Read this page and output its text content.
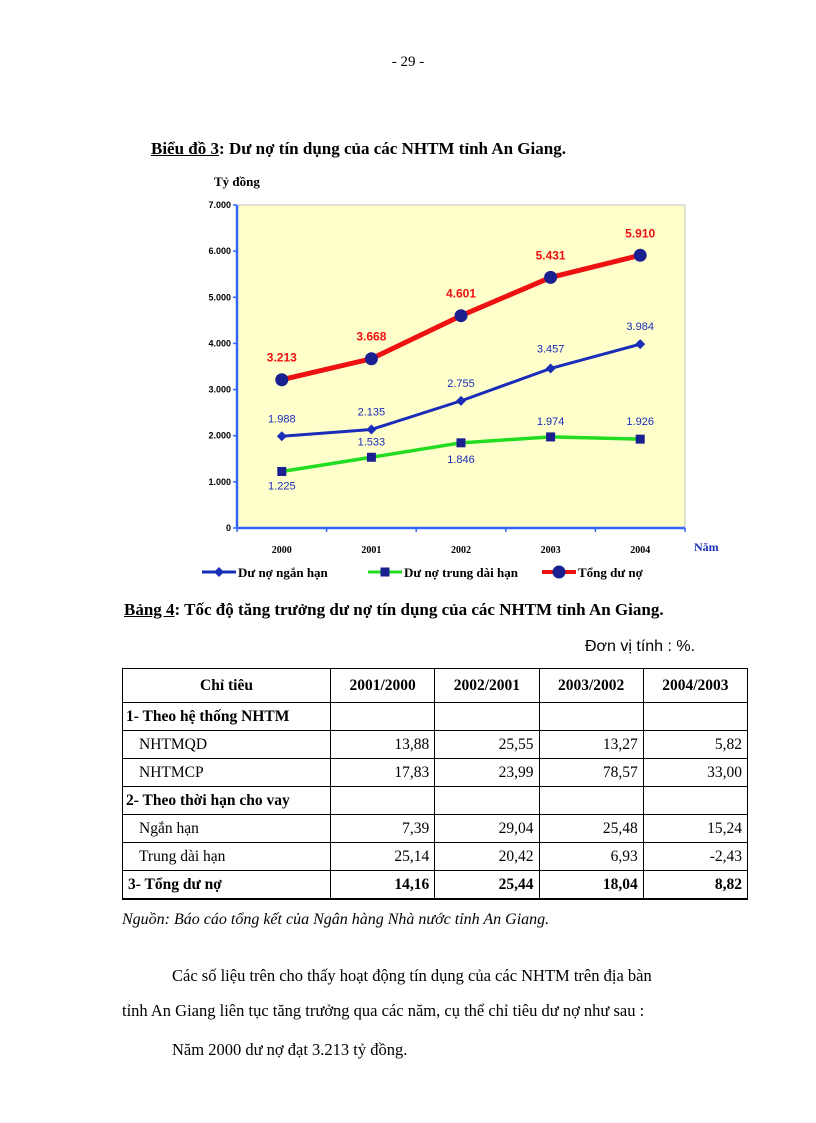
- 29 -
Biểu đồ 3: Dư nợ tín dụng của các NHTM tỉnh An Giang.
0
1.000
2.000
3.000
4.000
5.000
6.000
7.000
2000	2001	2002	2003	2004
Tỷ đồng
Năm
1.988
2.135
2.755
3.457
3.984
1.225
1.533
1.846
1.974	1.926
3.213
3.668
4.601
5.431
5.910
Dư nợ ngắn hạn	Dư nợ trung dài hạn	Tổng dư nợ
Bảng 4: Tốc độ tăng trưởng dư nợ tín dụng của các NHTM tỉnh An Giang.
Đơn vị tính : %.
Chỉ tiêu	2001/2000	2002/2001	2003/2002	2004/2003
1- Theo hệ thống NHTM				
NHTMQD	13,88	25,55	13,27	5,82
NHTMCP	17,83	23,99	78,57	33,00
2- Theo thời hạn cho vay				
Ngắn hạn	7,39	29,04	25,48	15,24
Trung dài hạn	25,14	20,42	6,93	-2,43
3- Tổng dư nợ	14,16	25,44	18,04	8,82
Nguồn: Báo cáo tổng kết của Ngân hàng Nhà nước tỉnh An Giang.
Các số liệu trên cho thấy hoạt động tín dụng của các NHTM trên địa bàn
tỉnh An Giang liên tục tăng trưởng qua các năm, cụ thể chỉ tiêu dư nợ như sau :
Năm 2000 dư nợ đạt 3.213 tỷ đồng.
